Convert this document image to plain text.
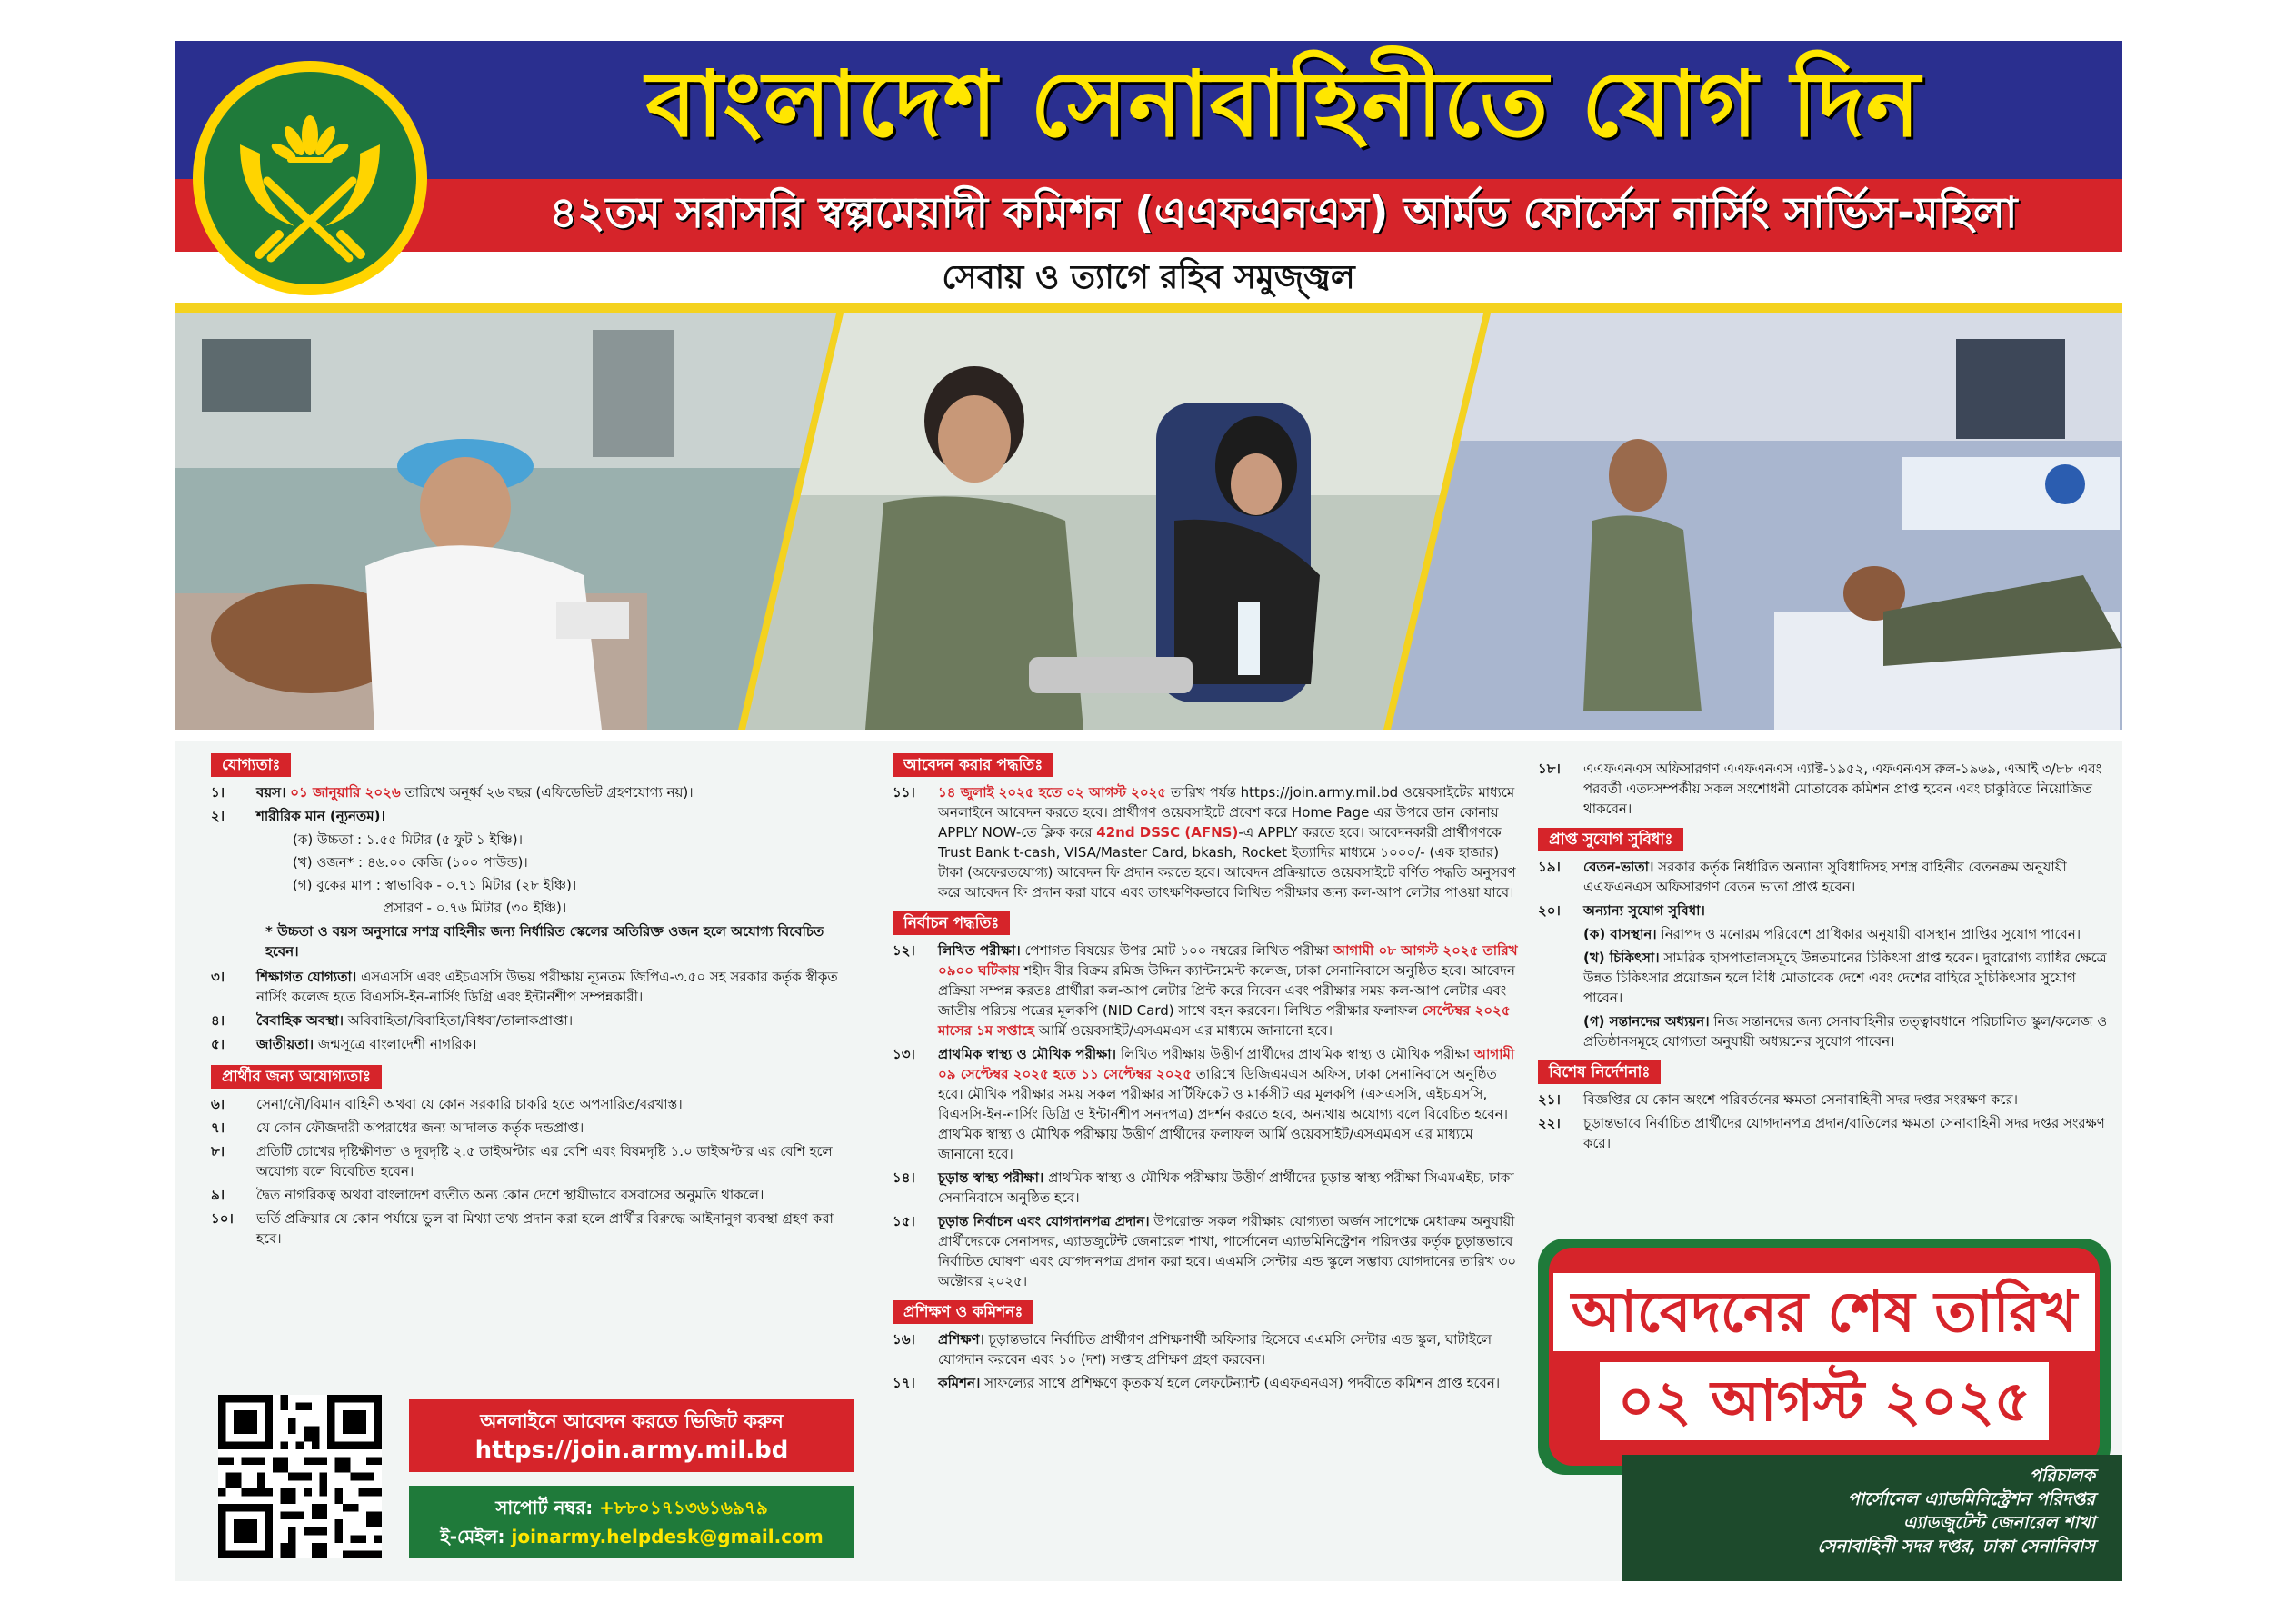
বাংলাদেশ সেনাবাহিনীতে যোগ দিন
৪২তম সরাসরি স্বল্পমেয়াদী কমিশন (এএফএনএস) আর্মড ফোর্সেস নার্সিং সার্ভিস-মহিলা
সেবায় ও ত্যাগে রহিব সমুজ্জ্বল
যোগ্যতাঃ
১।	বয়স। ০১ জানুয়ারি ২০২৬ তারিখে অনূর্ধ্ব ২৬ বছর (এফিডেভিট গ্রহণযোগ্য নয়)।
২।	শারীরিক মান (ন্যূনতম)।
(ক) উচ্চতা : ১.৫৫ মিটার (৫ ফুট ১ ইঞ্চি)।
(খ) ওজন* : ৪৬.০০ কেজি (১০০ পাউন্ড)।
(গ) বুকের মাপ : স্বাভাবিক - ০.৭১ মিটার (২৮ ইঞ্চি)।
প্রসারণ - ০.৭৬ মিটার (৩০ ইঞ্চি)।
* উচ্চতা ও বয়স অনুসারে সশস্ত্র বাহিনীর জন্য নির্ধারিত স্কেলের অতিরিক্ত ওজন হলে অযোগ্য বিবেচিত হবেন।
৩।	শিক্ষাগত যোগ্যতা। এসএসসি এবং এইচএসসি উভয় পরীক্ষায় ন্যূনতম জিপিএ-৩.৫০ সহ সরকার কর্তৃক স্বীকৃত নার্সিং কলেজ হতে বিএসসি-ইন-নার্সিং ডিগ্রি এবং ইন্টার্নশীপ সম্পন্নকারী।
৪।	বৈবাহিক অবস্থা। অবিবাহিতা/বিবাহিতা/বিধবা/তালাকপ্রাপ্তা।
৫।	জাতীয়তা। জন্মসূত্রে বাংলাদেশী নাগরিক।
প্রার্থীর জন্য অযোগ্যতাঃ
৬।	সেনা/নৌ/বিমান বাহিনী অথবা যে কোন সরকারি চাকরি হতে অপসারিত/বরখাস্ত।
৭।	যে কোন ফৌজদারী অপরাধের জন্য আদালত কর্তৃক দন্ডপ্রাপ্ত।
৮।	প্রতিটি চোখের দৃষ্টিক্ষীণতা ও দূরদৃষ্টি ২.৫ ডাইঅপ্টার এর বেশি এবং বিষমদৃষ্টি ১.০ ডাইঅপ্টার এর বেশি হলে অযোগ্য বলে বিবেচিত হবেন।
৯।	দ্বৈত নাগরিকত্ব অথবা বাংলাদেশ ব্যতীত অন্য কোন দেশে স্থায়ীভাবে বসবাসের অনুমতি থাকলে।
১০।	ভর্তি প্রক্রিয়ার যে কোন পর্যায়ে ভুল বা মিথ্যা তথ্য প্রদান করা হলে প্রার্থীর বিরুদ্ধে আইনানুগ ব্যবস্থা গ্রহণ করা হবে।
আবেদন করার পদ্ধতিঃ
১১।	১৪ জুলাই ২০২৫ হতে ০২ আগস্ট ২০২৫ তারিখ পর্যন্ত https://join.army.mil.bd ওয়েবসাইটের মাধ্যমে অনলাইনে আবেদন করতে হবে। প্রার্থীগণ ওয়েবসাইটে প্রবেশ করে Home Page এর উপরে ডান কোনায় APPLY NOW-তে ক্লিক করে 42nd DSSC (AFNS)-এ APPLY করতে হবে। আবেদনকারী প্রার্থীগণকে Trust Bank t-cash, VISA/Master Card, bkash, Rocket ইত্যাদির মাধ্যমে ১০০০/- (এক হাজার) টাকা (অফেরতযোগ্য) আবেদন ফি প্রদান করতে হবে। আবেদন প্রক্রিয়াতে ওয়েবসাইটে বর্ণিত পদ্ধতি অনুসরণ করে আবেদন ফি প্রদান করা যাবে এবং তাৎক্ষণিকভাবে লিখিত পরীক্ষার জন্য কল-আপ লেটার পাওয়া যাবে।
নির্বাচন পদ্ধতিঃ
১২।	লিখিত পরীক্ষা। পেশাগত বিষয়ের উপর মোট ১০০ নম্বরের লিখিত পরীক্ষা আগামী ০৮ আগস্ট ২০২৫ তারিখ ০৯০০ ঘটিকায় শহীদ বীর বিক্রম রমিজ উদ্দিন ক্যান্টনমেন্ট কলেজ, ঢাকা সেনানিবাসে অনুষ্ঠিত হবে। আবেদন প্রক্রিয়া সম্পন্ন করতঃ প্রার্থীরা কল-আপ লেটার প্রিন্ট করে নিবেন এবং পরীক্ষার সময় কল-আপ লেটার এবং জাতীয় পরিচয় পত্রের মূলকপি (NID Card) সাথে বহন করবেন। লিখিত পরীক্ষার ফলাফল সেপ্টেম্বর ২০২৫ মাসের ১ম সপ্তাহে আর্মি ওয়েবসাইট/এসএমএস এর মাধ্যমে জানানো হবে।
১৩।	প্রাথমিক স্বাস্থ্য ও মৌখিক পরীক্ষা। লিখিত পরীক্ষায় উত্তীর্ণ প্রার্থীদের প্রাথমিক স্বাস্থ্য ও মৌখিক পরীক্ষা আগামী ০৯ সেপ্টেম্বর ২০২৫ হতে ১১ সেপ্টেম্বর ২০২৫ তারিখে ডিজিএমএস অফিস, ঢাকা সেনানিবাসে অনুষ্ঠিত হবে। মৌখিক পরীক্ষার সময় সকল পরীক্ষার সার্টিফিকেট ও মার্কসীট এর মূলকপি (এসএসসি, এইচএসসি, বিএসসি-ইন-নার্সিং ডিগ্রি ও ইন্টার্নশীপ সনদপত্র) প্রদর্শন করতে হবে, অন্যথায় অযোগ্য বলে বিবেচিত হবেন। প্রাথমিক স্বাস্থ্য ও মৌখিক পরীক্ষায় উত্তীর্ণ প্রার্থীদের ফলাফল আর্মি ওয়েবসাইট/এসএমএস এর মাধ্যমে জানানো হবে।
১৪।	চূড়ান্ত স্বাস্থ্য পরীক্ষা। প্রাথমিক স্বাস্থ্য ও মৌখিক পরীক্ষায় উত্তীর্ণ প্রার্থীদের চূড়ান্ত স্বাস্থ্য পরীক্ষা সিএমএইচ, ঢাকা সেনানিবাসে অনুষ্ঠিত হবে।
১৫।	চূড়ান্ত নির্বাচন এবং যোগদানপত্র প্রদান। উপরোক্ত সকল পরীক্ষায় যোগ্যতা অর্জন সাপেক্ষে মেধাক্রম অনুযায়ী প্রার্থীদেরকে সেনাসদর, এ্যাডজুটেন্ট জেনারেল শাখা, পার্সোনেল এ্যাডমিনিস্ট্রেশন পরিদপ্তর কর্তৃক চূড়ান্তভাবে নির্বাচিত ঘোষণা এবং যোগদানপত্র প্রদান করা হবে। এএমসি সেন্টার এন্ড স্কুলে সম্ভাব্য যোগদানের তারিখ ৩০ অক্টোবর ২০২৫।
প্রশিক্ষণ ও কমিশনঃ
১৬।	প্রশিক্ষণ। চূড়ান্তভাবে নির্বাচিত প্রার্থীগণ প্রশিক্ষণার্থী অফিসার হিসেবে এএমসি সেন্টার এন্ড স্কুল, ঘাটাইলে যোগদান করবেন এবং ১০ (দশ) সপ্তাহ প্রশিক্ষণ গ্রহণ করবেন।
১৭।	কমিশন। সাফল্যের সাথে প্রশিক্ষণে কৃতকার্য হলে লেফটেন্যান্ট (এএফএনএস) পদবীতে কমিশন প্রাপ্ত হবেন।
১৮।	এএফএনএস অফিসারগণ এএফএনএস এ্যাক্ট-১৯৫২, এফএনএস রুল-১৯৬৯, এআই ৩/৮৮ এবং পরবর্তী এতদসম্পর্কীয় সকল সংশোধনী মোতাবেক কমিশন প্রাপ্ত হবেন এবং চাকুরিতে নিয়োজিত থাকবেন।
প্রাপ্ত সুযোগ সুবিধাঃ
১৯।	বেতন-ভাতা। সরকার কর্তৃক নির্ধারিত অন্যান্য সুবিধাদিসহ সশস্ত্র বাহিনীর বেতনক্রম অনুযায়ী এএফএনএস অফিসারগণ বেতন ভাতা প্রাপ্ত হবেন।
২০।	অন্যান্য সুযোগ সুবিধা।
(ক) বাসস্থান। নিরাপদ ও মনোরম পরিবেশে প্রাধিকার অনুযায়ী বাসস্থান প্রাপ্তির সুযোগ পাবেন।
(খ) চিকিৎসা। সামরিক হাসপাতালসমূহে উন্নতমানের চিকিৎসা প্রাপ্ত হবেন। দুরারোগ্য ব্যাধির ক্ষেত্রে উন্নত চিকিৎসার প্রয়োজন হলে বিধি মোতাবেক দেশে এবং দেশের বাহিরে সুচিকিৎসার সুযোগ পাবেন।
(গ) সন্তানদের অধ্যয়ন। নিজ সন্তানদের জন্য সেনাবাহিনীর তত্ত্বাবধানে পরিচালিত স্কুল/কলেজ ও প্রতিষ্ঠানসমূহে যোগ্যতা অনুযায়ী অধ্যয়নের সুযোগ পাবেন।
বিশেষ নির্দেশনাঃ
২১।	বিজ্ঞপ্তির যে কোন অংশে পরিবর্তনের ক্ষমতা সেনাবাহিনী সদর দপ্তর সংরক্ষণ করে।
২২।	চূড়ান্তভাবে নির্বাচিত প্রার্থীদের যোগদানপত্র প্রদান/বাতিলের ক্ষমতা সেনাবাহিনী সদর দপ্তর সংরক্ষণ করে।
আবেদনের শেষ তারিখ
০২ আগস্ট ২০২৫
পরিচালক
পার্সোনেল এ্যাডমিনিস্ট্রেশন পরিদপ্তর
এ্যাডজুটেন্ট জেনারেল শাখা
সেনাবাহিনী সদর দপ্তর, ঢাকা সেনানিবাস
অনলাইনে আবেদন করতে ভিজিট করুন
https://join.army.mil.bd
সাপোর্ট নম্বর: +৮৮০১৭১৩৬১৬৯৭৯
ই-মেইল: joinarmy.helpdesk@gmail.com
